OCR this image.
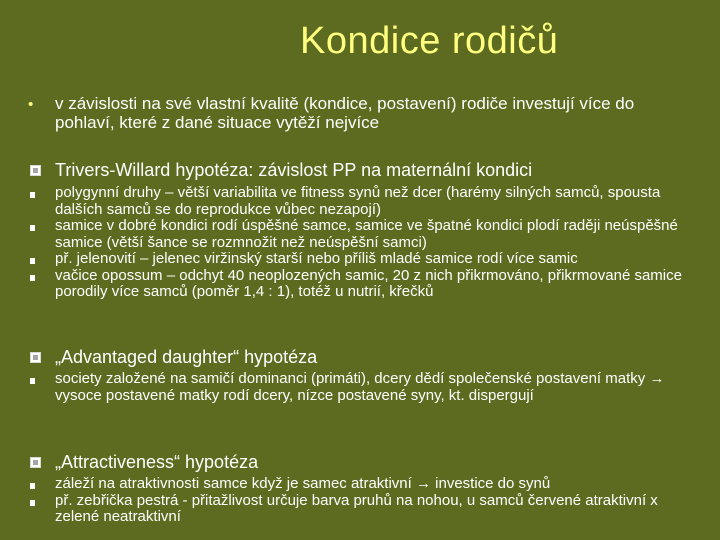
Kondice rodičů
• v závislosti na své vlastní kvalitě (kondice, postavení) rodiče investují více do pohlaví, které z dané situace vytěží nejvíce
Trivers-Willard hypotéza: závislost PP na maternální kondici
polygynní druhy – větší variabilita ve fitness synů než dcer (harémy silných samců, spousta dalších samců se do reprodukce vůbec nezapojí)
samice v dobré kondici rodí úspěšné samce, samice ve špatné kondici plodí raději neúspěšné samice (větší šance se rozmnožit než neúspěšní samci)
př. jelenovití – jelenec viržinský starší nebo příliš mladé samice rodí více samic
vačice opossum – odchyt 40 neoplozených samic, 20 z nich přikrmováno, přikrmované samice porodily více samců (poměr 1,4 : 1), totéž u nutrií, křečků
„Advantaged daughter“ hypotéza
society založené na samičí dominanci (primáti), dcery dědí společenské postavení matky → vysoce postavené matky rodí dcery, nízce postavené syny, kt. dispergují
„Attractiveness“ hypotéza
záleží na atraktivnosti samce když je samec atraktivní → investice do synů
př. zebřička pestrá - přitažlivost určuje barva pruhů na nohou, u samců červené atraktivní x zelené neatraktivní
